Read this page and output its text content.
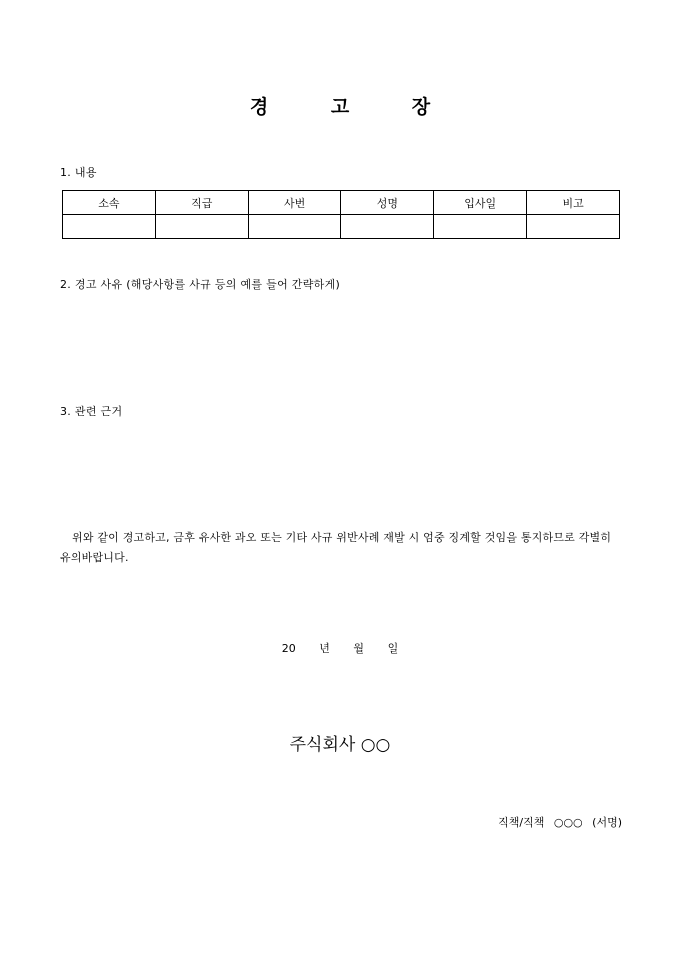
경 고 장
1. 내용
소속	직급	사번	성명	입사일	비고

2. 경고 사유 (해당사항를 사규 등의 예를 들어 간략하게)
3. 관련 근거
위와 같이 경고하고, 금후 유사한 과오 또는 기타 사규 위반사례 재발 시 엄중 징계할 것임을 통지하므로 각별히 유의바랍니다.
20 년 월 일
주식회사 ○○
직책/직책 ○○○ (서명)
